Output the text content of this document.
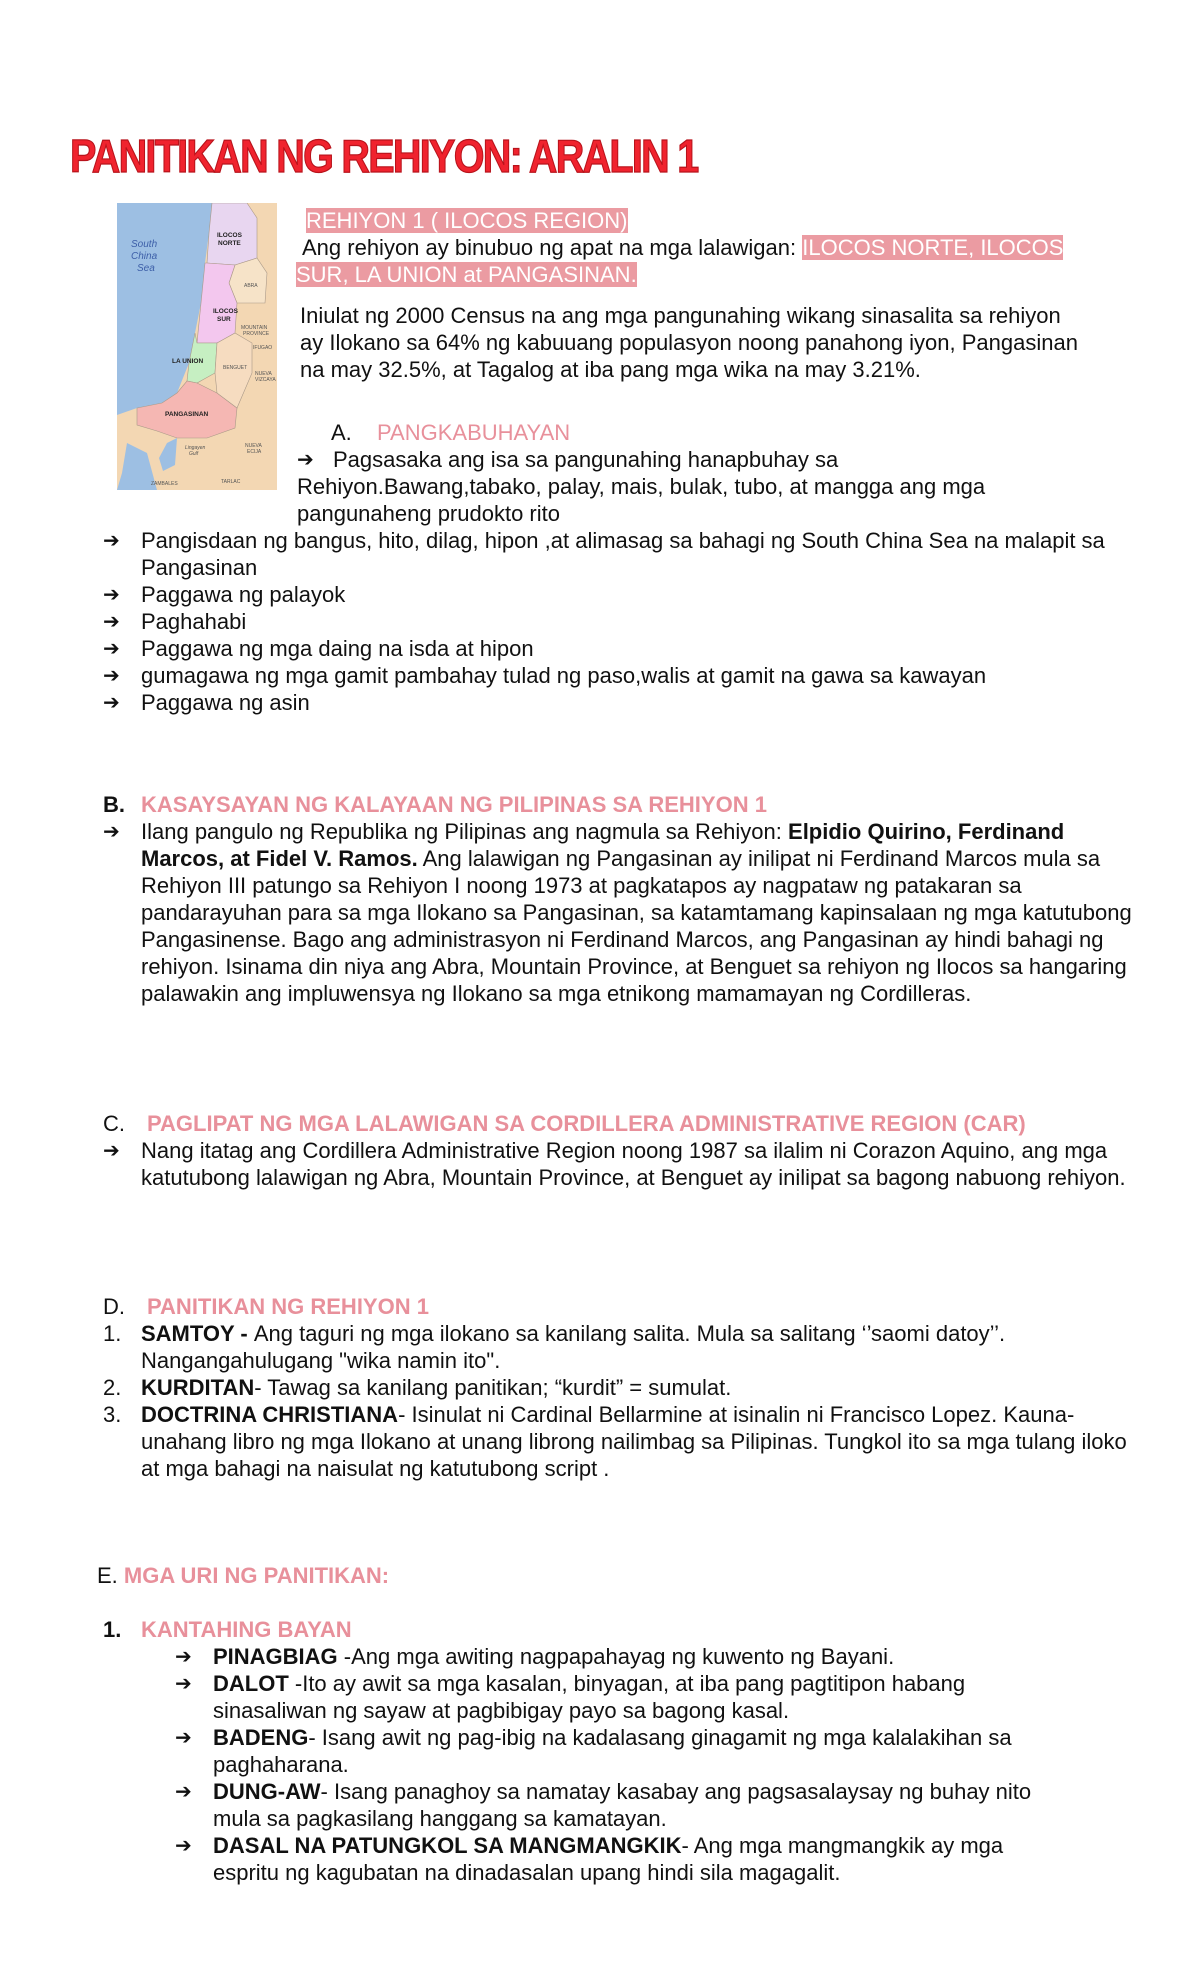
PANITIKAN NG REHIYON: ARALIN 1
South
China
Sea
ILOCOS
NORTE
ILOCOS
SUR
LA UNION
PANGASINAN
ABRA
MOUNTAIN
PROVINCE
IFUGAO
BENGUET
NUEVA
VIZCAYA
Lingayen
Gulf
NUEVA
ECIJA
ZAMBALES	TARLAC
REHIYON 1 ( ILOCOS REGION)
Ang rehiyon ay binubuo ng apat na mga lalawigan: ILOCOS NORTE, ILOCOS
SUR, LA UNION at PANGASINAN.
Iniulat ng 2000 Census na ang mga pangunahing wikang sinasalita sa rehiyon
ay Ilokano sa 64% ng kabuuang populasyon noong panahong iyon, Pangasinan
na may 32.5%, at Tagalog at iba pang mga wika na may 3.21%.
A. PANGKABUHAYAN
➔ Pagsasaka ang isa sa pangunahing hanapbuhay sa
Rehiyon.Bawang,tabako, palay, mais, bulak, tubo, at mangga ang mga
pangunaheng prudokto rito
➔ Pangisdaan ng bangus, hito, dilag, hipon ,at alimasag sa bahagi ng South China Sea na malapit sa Pangasinan
➔ Paggawa ng palayok
➔ Paghahabi
➔ Paggawa ng mga daing na isda at hipon
➔ gumagawa ng mga gamit pambahay tulad ng paso,walis at gamit na gawa sa kawayan
➔ Paggawa ng asin
B. KASAYSAYAN NG KALAYAAN NG PILIPINAS SA REHIYON 1
➔ Ilang pangulo ng Republika ng Pilipinas ang nagmula sa Rehiyon: Elpidio Quirino, Ferdinand Marcos, at Fidel V. Ramos. Ang lalawigan ng Pangasinan ay inilipat ni Ferdinand Marcos mula sa Rehiyon III patungo sa Rehiyon I noong 1973 at pagkatapos ay nagpataw ng patakaran sa pandarayuhan para sa mga Ilokano sa Pangasinan, sa katamtamang kapinsalaan ng mga katutubong Pangasinense. Bago ang administrasyon ni Ferdinand Marcos, ang Pangasinan ay hindi bahagi ng rehiyon. Isinama din niya ang Abra, Mountain Province, at Benguet sa rehiyon ng Ilocos sa hangaring palawakin ang impluwensya ng Ilokano sa mga etnikong mamamayan ng Cordilleras.
C. PAGLIPAT NG MGA LALAWIGAN SA CORDILLERA ADMINISTRATIVE REGION (CAR)
➔ Nang itatag ang Cordillera Administrative Region noong 1987 sa ilalim ni Corazon Aquino, ang mga katutubong lalawigan ng Abra, Mountain Province, at Benguet ay inilipat sa bagong nabuong rehiyon.
D. PANITIKAN NG REHIYON 1
1. SAMTOY - Ang taguri ng mga ilokano sa kanilang salita. Mula sa salitang ‘’saomi datoy’’. Nangangahulugang "wika namin ito".
2. KURDITAN- Tawag sa kanilang panitikan; “kurdit” = sumulat.
3. DOCTRINA CHRISTIANA- Isinulat ni Cardinal Bellarmine at isinalin ni Francisco Lopez. Kauna-unahang libro ng mga Ilokano at unang librong nailimbag sa Pilipinas. Tungkol ito sa mga tulang iloko at mga bahagi na naisulat ng katutubong script .
E. MGA URI NG PANITIKAN:
1. KANTAHING BAYAN
➔ PINAGBIAG -Ang mga awiting nagpapahayag ng kuwento ng Bayani.
➔ DALOT -Ito ay awit sa mga kasalan, binyagan, at iba pang pagtitipon habang sinasaliwan ng sayaw at pagbibigay payo sa bagong kasal.
➔ BADENG- Isang awit ng pag-ibig na kadalasang ginagamit ng mga kalalakihan sa paghaharana.
➔ DUNG-AW- Isang panaghoy sa namatay kasabay ang pagsasalaysay ng buhay nito mula sa pagkasilang hanggang sa kamatayan.
➔ DASAL NA PATUNGKOL SA MANGMANGKIK- Ang mga mangmangkik ay mga espritu ng kagubatan na dinadasalan upang hindi sila magagalit.
